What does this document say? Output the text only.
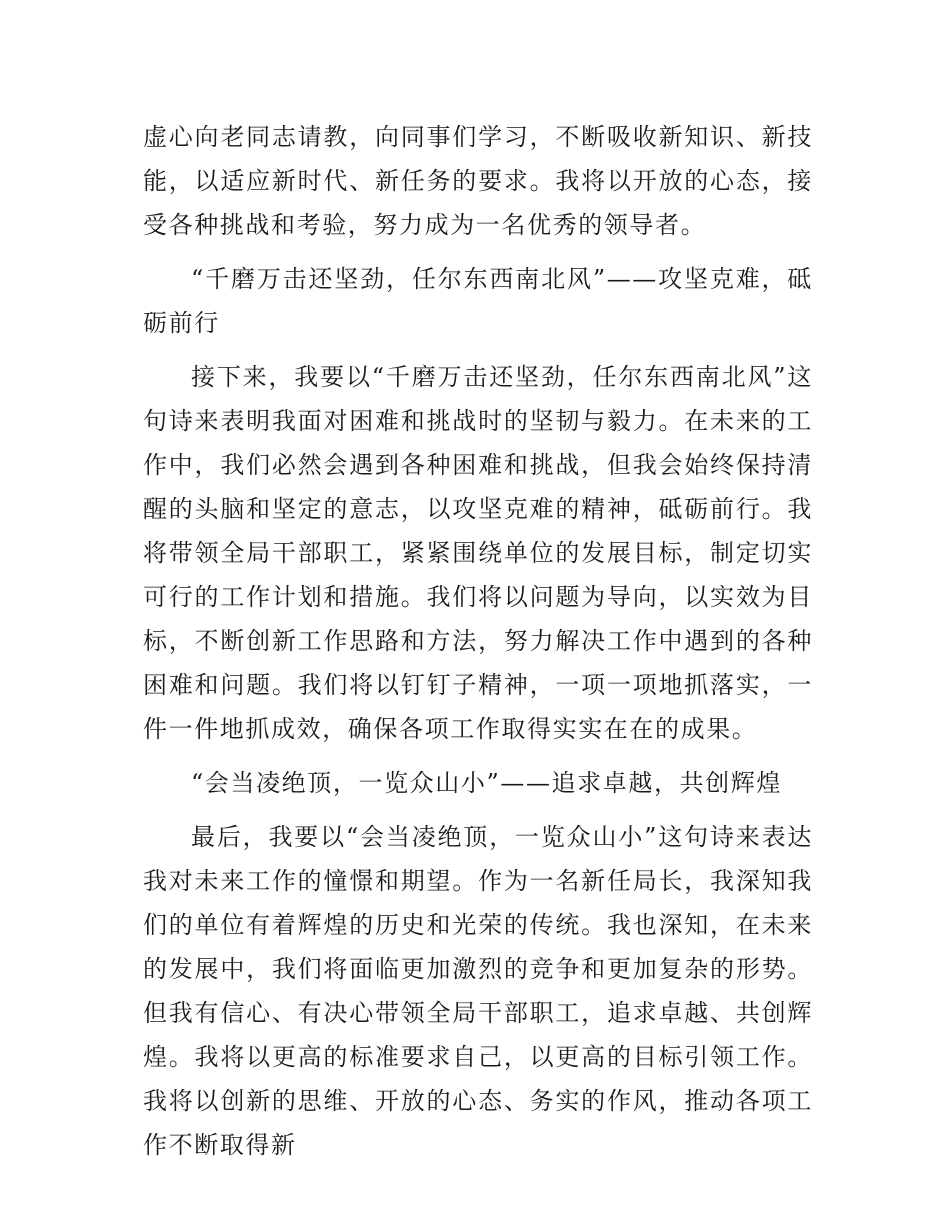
虚心向老同志请教，向同事们学习，不断吸收新知识、新技能，以适应新时代、新任务的要求。我将以开放的心态，接受各种挑战和考验，努力成为一名优秀的领导者。

“千磨万击还坚劲，任尔东西南北风”——攻坚克难，砥砺前行

接下来，我要以“千磨万击还坚劲，任尔东西南北风”这句诗来表明我面对困难和挑战时的坚韧与毅力。在未来的工作中，我们必然会遇到各种困难和挑战，但我会始终保持清醒的头脑和坚定的意志，以攻坚克难的精神，砥砺前行。我将带领全局干部职工，紧紧围绕单位的发展目标，制定切实可行的工作计划和措施。我们将以问题为导向，以实效为目标，不断创新工作思路和方法，努力解决工作中遇到的各种困难和问题。我们将以钉钉子精神，一项一项地抓落实，一件一件地抓成效，确保各项工作取得实实在在的成果。

“会当凌绝顶，一览众山小”——追求卓越，共创辉煌

最后，我要以“会当凌绝顶，一览众山小”这句诗来表达我对未来工作的憧憬和期望。作为一名新任局长，我深知我们的单位有着辉煌的历史和光荣的传统。我也深知，在未来的发展中，我们将面临更加激烈的竞争和更加复杂的形势。但我有信心、有决心带领全局干部职工，追求卓越、共创辉煌。我将以更高的标准要求自己，以更高的目标引领工作。我将以创新的思维、开放的心态、务实的作风，推动各项工作不断取得新
